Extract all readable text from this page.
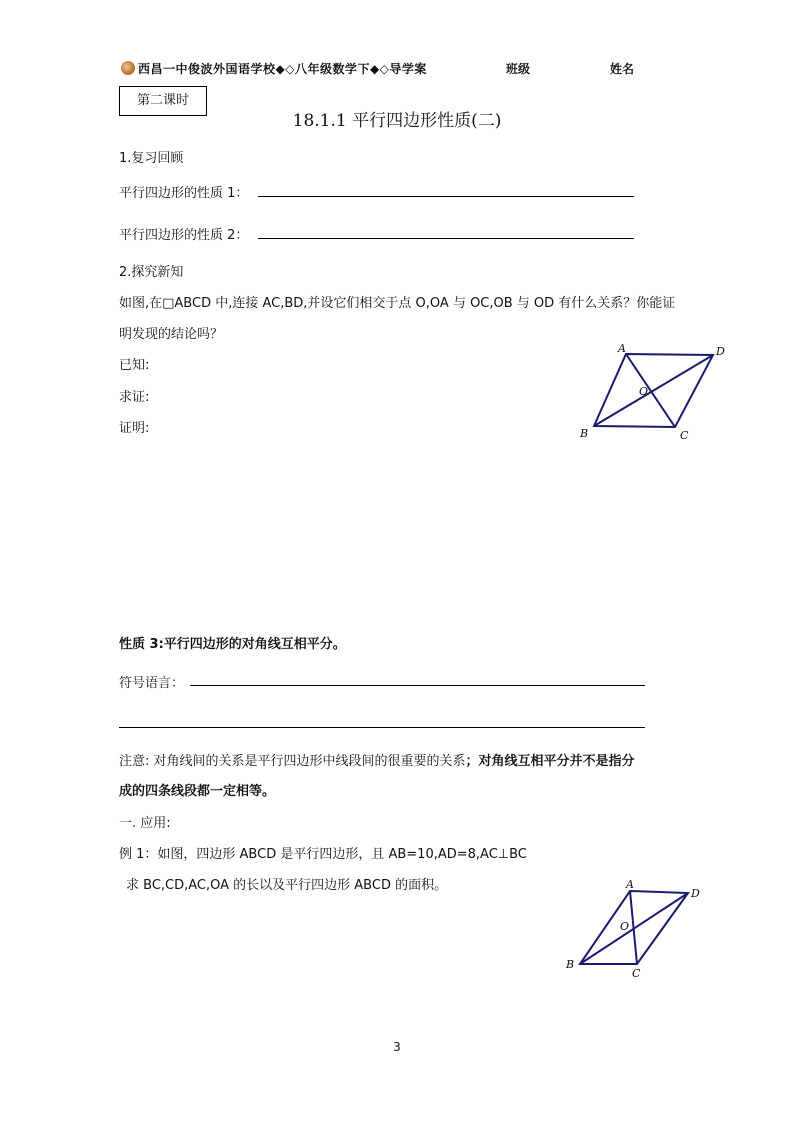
西昌一中俊波外国语学校◆◇八年级数学下◆◇导学案	班级	姓名
第二课时
18.1.1 平行四边形性质(二)
1.复习回顾
平行四边形的性质 1：
平行四边形的性质 2：
2.探究新知
如图,在□ABCD 中,连接 AC,BD,并设它们相交于点 O,OA 与 OC,OB 与 OD 有什么关系？你能证
明发现的结论吗？
已知:
求证:
证明:
A	D
O
B	C
性质 3:平行四边形的对角线互相平分。
符号语言：
注意: 对角线间的关系是平行四边形中线段间的很重要的关系；对角线互相平分并不是指分
成的四条线段都一定相等。
一. 应用:
例 1：如图，四边形 ABCD 是平行四边形，且 AB=10,AD=8,AC⊥BC
求 BC,CD,AC,OA 的长以及平行四边形 ABCD 的面积。	A
D
O
B
C
3
